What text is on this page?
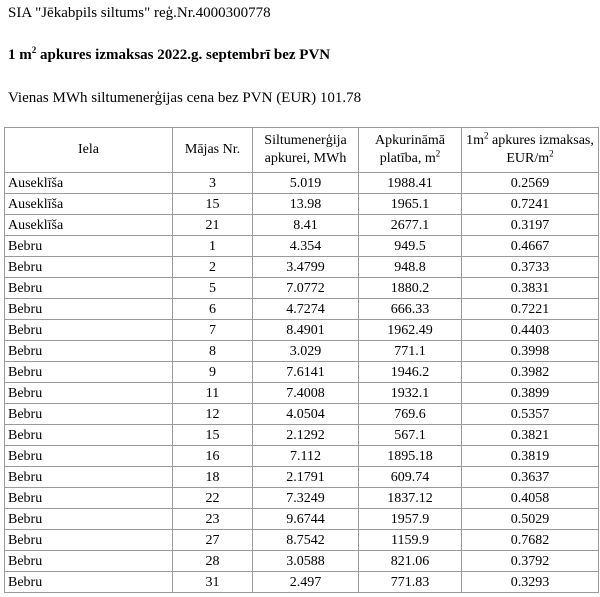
SIA "Jēkabpils siltums" reģ.Nr.4000300778
1 $m^2$ apkures izmaksas 2022.g. septembrī bez PVN
Vienas MWh siltumenerģijas cena bez PVN (EUR) 101.78
Iela	Mājas Nr.	Siltumenerģija apkurei, MWh	Apkurināmā platība, $m^2$	$1m^2$ apkures izmaksas, EUR/$m^2$
Auseklīša	3	5.019	1988.41	0.2569
Auseklīša	15	13.98	1965.1	0.7241
Auseklīša	21	8.41	2677.1	0.3197
Bebru	1	4.354	949.5	0.4667
Bebru	2	3.4799	948.8	0.3733
Bebru	5	7.0772	1880.2	0.3831
Bebru	6	4.7274	666.33	0.7221
Bebru	7	8.4901	1962.49	0.4403
Bebru	8	3.029	771.1	0.3998
Bebru	9	7.6141	1946.2	0.3982
Bebru	11	7.4008	1932.1	0.3899
Bebru	12	4.0504	769.6	0.5357
Bebru	15	2.1292	567.1	0.3821
Bebru	16	7.112	1895.18	0.3819
Bebru	18	2.1791	609.74	0.3637
Bebru	22	7.3249	1837.12	0.4058
Bebru	23	9.6744	1957.9	0.5029
Bebru	27	8.7542	1159.9	0.7682
Bebru	28	3.0588	821.06	0.3792
Bebru	31	2.497	771.83	0.3293
